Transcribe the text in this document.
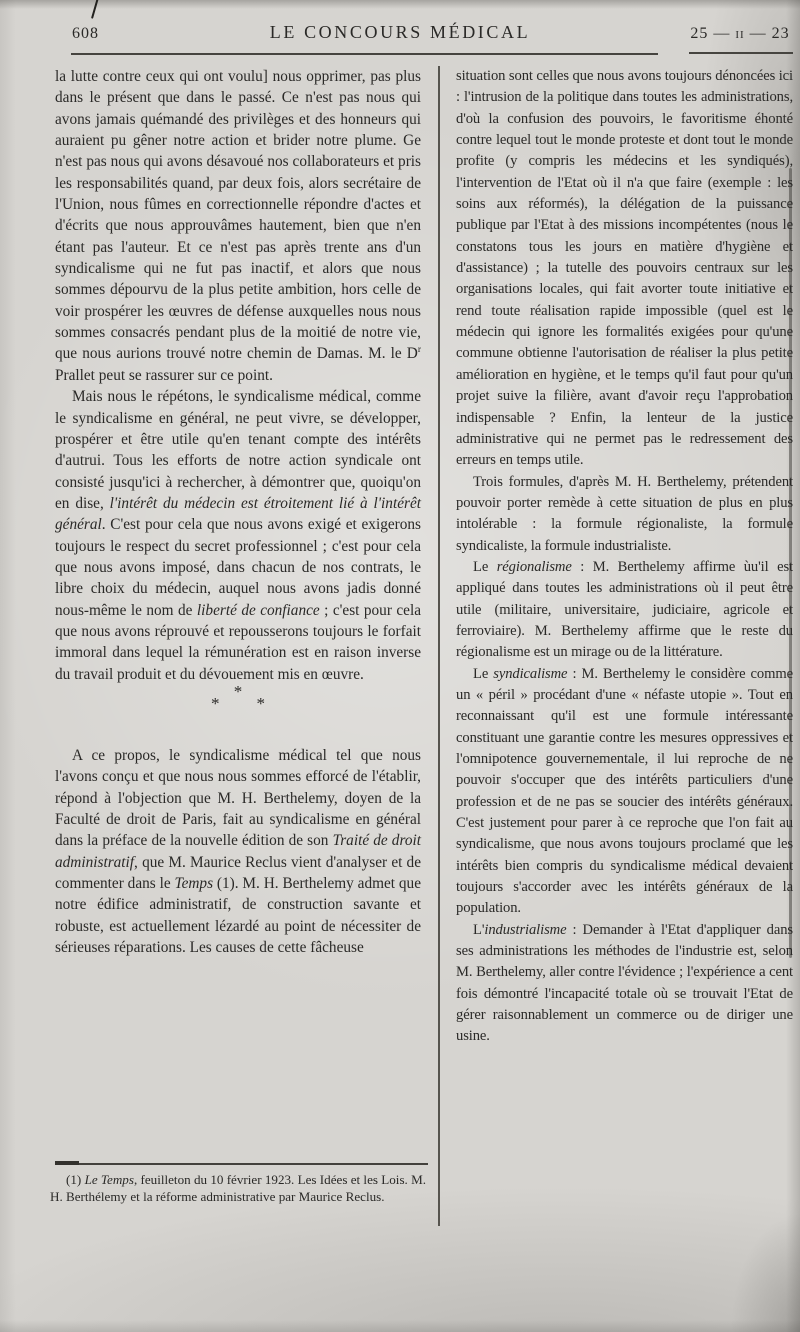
608	LE CONCOURS MÉDICAL	25 — ii — 23

la lutte contre ceux qui ont voulu] nous opprimer, pas plus dans le présent que dans le passé. Ce n'est pas nous qui avons jamais quémandé des privilèges et des honneurs qui auraient pu gêner notre action et brider notre plume. Ge n'est pas nous qui avons désavoué nos collaborateurs et pris les responsabilités quand, par deux fois, alors secrétaire de l'Union, nous fûmes en correctionnelle répondre d'actes et d'écrits que nous approuvâmes hautement, bien que n'en étant pas l'auteur. Et ce n'est pas après trente ans d'un syndicalisme qui ne fut pas inactif, et alors que nous sommes dépourvu de la plus petite ambition, hors celle de voir prospérer les œuvres de défense auxquelles nous nous sommes consacrés pendant plus de la moitié de notre vie, que nous aurions trouvé notre chemin de Damas. M. le $D^r$ Prallet peut se rassurer sur ce point.

Mais nous le répétons, le syndicalisme médical, comme le syndicalisme en général, ne peut vivre, se développer, prospérer et être utile qu'en tenant compte des intérêts d'autrui. Tous les efforts de notre action syndicale ont consisté jusqu'ici à rechercher, à démontrer que, quoiqu'on en dise, l'intérêt du médecin est étroitement lié à l'intérêt général. C'est pour cela que nous avons exigé et exigerons toujours le respect du secret professionnel ; c'est pour cela que nous avons imposé, dans chacun de nos contrats, le libre choix du médecin, auquel nous avons jadis donné nous-même le nom de liberté de confiance ; c'est pour cela que nous avons réprouvé et repousserons toujours le forfait immoral dans lequel la rémunération est en raison inverse du travail produit et du dévouement mis en œuvre.

* * *

A ce propos, le syndicalisme médical tel que nous l'avons conçu et que nous nous sommes efforcé de l'établir, répond à l'objection que M. H. Berthelemy, doyen de la Faculté de droit de Paris, fait au syndicalisme en général dans la préface de la nouvelle édition de son Traité de droit administratif, que M. Maurice Reclus vient d'analyser et de commenter dans le Temps (1). M. H. Berthelemy admet que notre édifice administratif, de construction savante et robuste, est actuellement lézardé au point de nécessiter de sérieuses réparations. Les causes de cette fâcheuse

situation sont celles que nous avons toujours dénoncées ici : l'intrusion de la politique dans toutes les administrations, d'où la confusion des pouvoirs, le favoritisme éhonté contre lequel tout le monde proteste et dont tout le monde profite (y compris les médecins et les syndiqués), l'intervention de l'Etat où il n'a que faire (exemple : les soins aux réformés), la délégation de la puissance publique par l'Etat à des missions incompétentes (nous le constatons tous les jours en matière d'hygiène et d'assistance) ; la tutelle des pouvoirs centraux sur les organisations locales, qui fait avorter toute initiative et rend toute réalisation rapide impossible (quel est le médecin qui ignore les formalités exigées pour qu'une commune obtienne l'autorisation de réaliser la plus petite amélioration en hygiène, et le temps qu'il faut pour qu'un projet suive la filière, avant d'avoir reçu l'approbation indispensable ? Enfin, la lenteur de la justice administrative qui ne permet pas le redressement des erreurs en temps utile.

Trois formules, d'après M. H. Berthelemy, prétendent pouvoir porter remède à cette situation de plus en plus intolérable : la formule régionaliste, la formule syndicaliste, la formule industrialiste.

Le régionalisme : M. Berthelemy affirme ùu'il est appliqué dans toutes les administrations où il peut être utile (militaire, universitaire, judiciaire, agricole et ferroviaire). M. Berthelemy affirme que le reste du régionalisme est un mirage ou de la littérature.

Le syndicalisme : M. Berthelemy le considère comme un « péril » procédant d'une « néfaste utopie ». Tout en reconnaissant qu'il est une formule intéressante constituant une garantie contre les mesures oppressives et l'omnipotence gouvernementale, il lui reproche de ne pouvoir s'occuper que des intérêts particuliers d'une profession et de ne pas se soucier des intérêts généraux. C'est justement pour parer à ce reproche que l'on fait au syndicalisme, que nous avons toujours proclamé que les intérêts bien compris du syndicalisme médical devaient toujours s'accorder avec les intérêts généraux de la population.

L'industrialisme : Demander à l'Etat d'appliquer dans ses administrations les méthodes de l'industrie est, selon M. Berthelemy, aller contre l'évidence ; l'expérience a cent fois démontré l'incapacité totale où se trouvait l'Etat de gérer raisonnablement un commerce ou de diriger une usine.

(1) Le Temps, feuilleton du 10 février 1923. Les Idées et les Lois. M. H. Berthélemy et la réforme administrative par Maurice Reclus.
